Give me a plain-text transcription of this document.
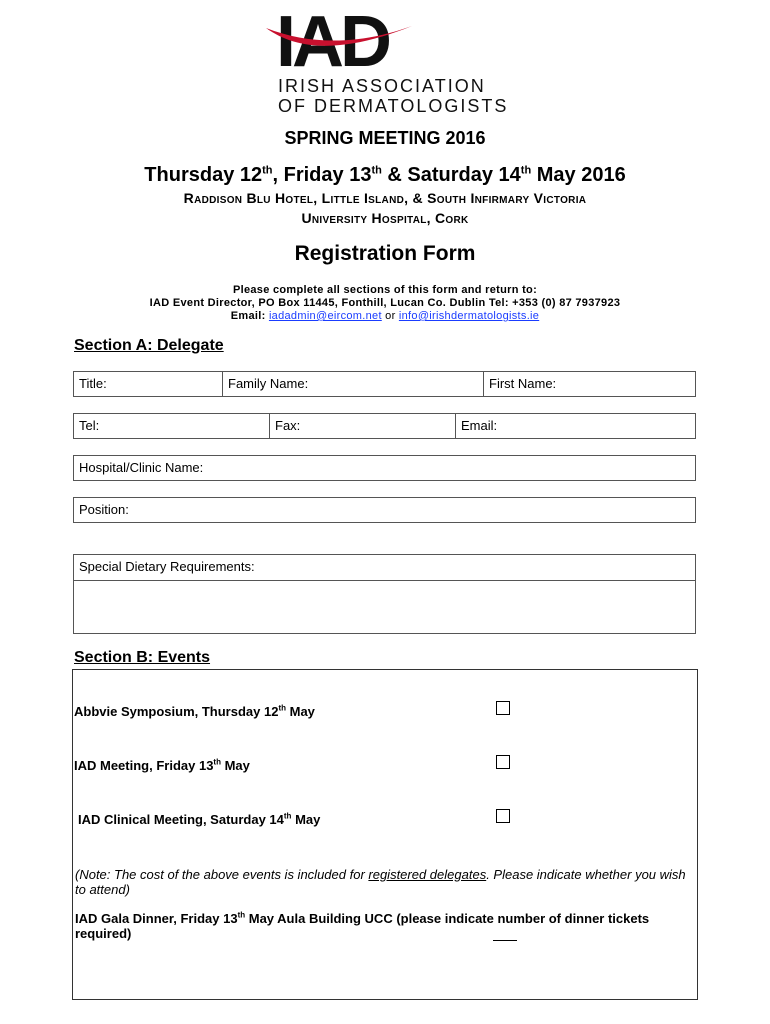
IAD
IRISH ASSOCIATION
OF DERMATOLOGISTS
SPRING MEETING 2016
Thursday 12th, Friday 13th & Saturday 14th May 2016
Raddison Blu Hotel, Little Island, & South Infirmary Victoria
University Hospital, Cork
Registration Form
Please complete all sections of this form and return to:
IAD Event Director, PO Box 11445, Fonthill, Lucan Co. Dublin Tel: +353 (0) 87 7937923
Email: iadadmin@eircom.net or info@irishdermatologists.ie
Section A: Delegate
Title:	Family Name:	First Name:
Tel:	Fax:	Email:
Hospital/Clinic Name:
Position:
Special Dietary Requirements:
Section B: Events
Abbvie Symposium, Thursday 12th May
IAD Meeting, Friday 13th May
IAD Clinical Meeting, Saturday 14th May
(Note: The cost of the above events is included for registered delegates. Please indicate whether you wish to attend)
IAD Gala Dinner, Friday 13th May Aula Building UCC (please indicate number of dinner tickets required)
